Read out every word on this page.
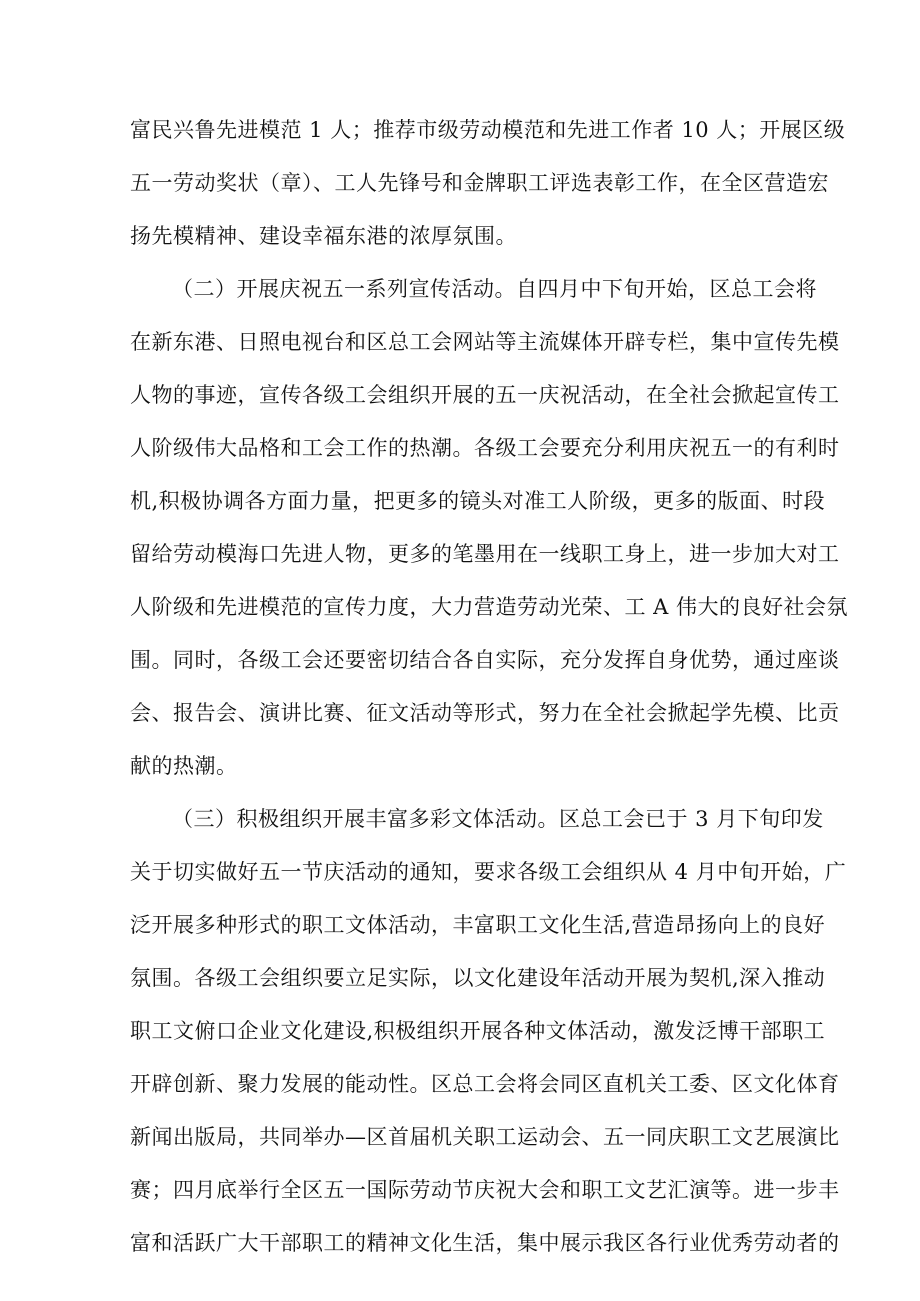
富民兴鲁先进模范 1 人；推荐市级劳动模范和先进工作者 10 人；开展区级
五一劳动奖状（章）、工人先锋号和金牌职工评选表彰工作，在全区营造宏
扬先模精神、建设幸福东港的浓厚氛围。
（二）开展庆祝五一系列宣传活动。自四月中下旬开始，区总工会将
在新东港、日照电视台和区总工会网站等主流媒体开辟专栏，集中宣传先模
人物的事迹，宣传各级工会组织开展的五一庆祝活动，在全社会掀起宣传工
人阶级伟大品格和工会工作的热潮。各级工会要充分利用庆祝五一的有利时
机,积极协调各方面力量，把更多的镜头对准工人阶级，更多的版面、时段
留给劳动模海口先进人物，更多的笔墨用在一线职工身上，进一步加大对工
人阶级和先进模范的宣传力度，大力营造劳动光荣、工 A 伟大的良好社会氛
围。同时，各级工会还要密切结合各自实际，充分发挥自身优势，通过座谈
会、报告会、演讲比赛、征文活动等形式，努力在全社会掀起学先模、比贡
献的热潮。
（三）积极组织开展丰富多彩文体活动。区总工会已于 3 月下旬印发
关于切实做好五一节庆活动的通知，要求各级工会组织从 4 月中旬开始，广
泛开展多种形式的职工文体活动，丰富职工文化生活,营造昂扬向上的良好
氛围。各级工会组织要立足实际，以文化建设年活动开展为契机,深入推动
职工文俯口企业文化建设,积极组织开展各种文体活动，激发泛博干部职工
开辟创新、聚力发展的能动性。区总工会将会同区直机关工委、区文化体育
新闻出版局，共同举办—区首届机关职工运动会、五一同庆职工文艺展演比
赛；四月底举行全区五一国际劳动节庆祝大会和职工文艺汇演等。进一步丰
富和活跃广大干部职工的精神文化生活，集中展示我区各行业优秀劳动者的
